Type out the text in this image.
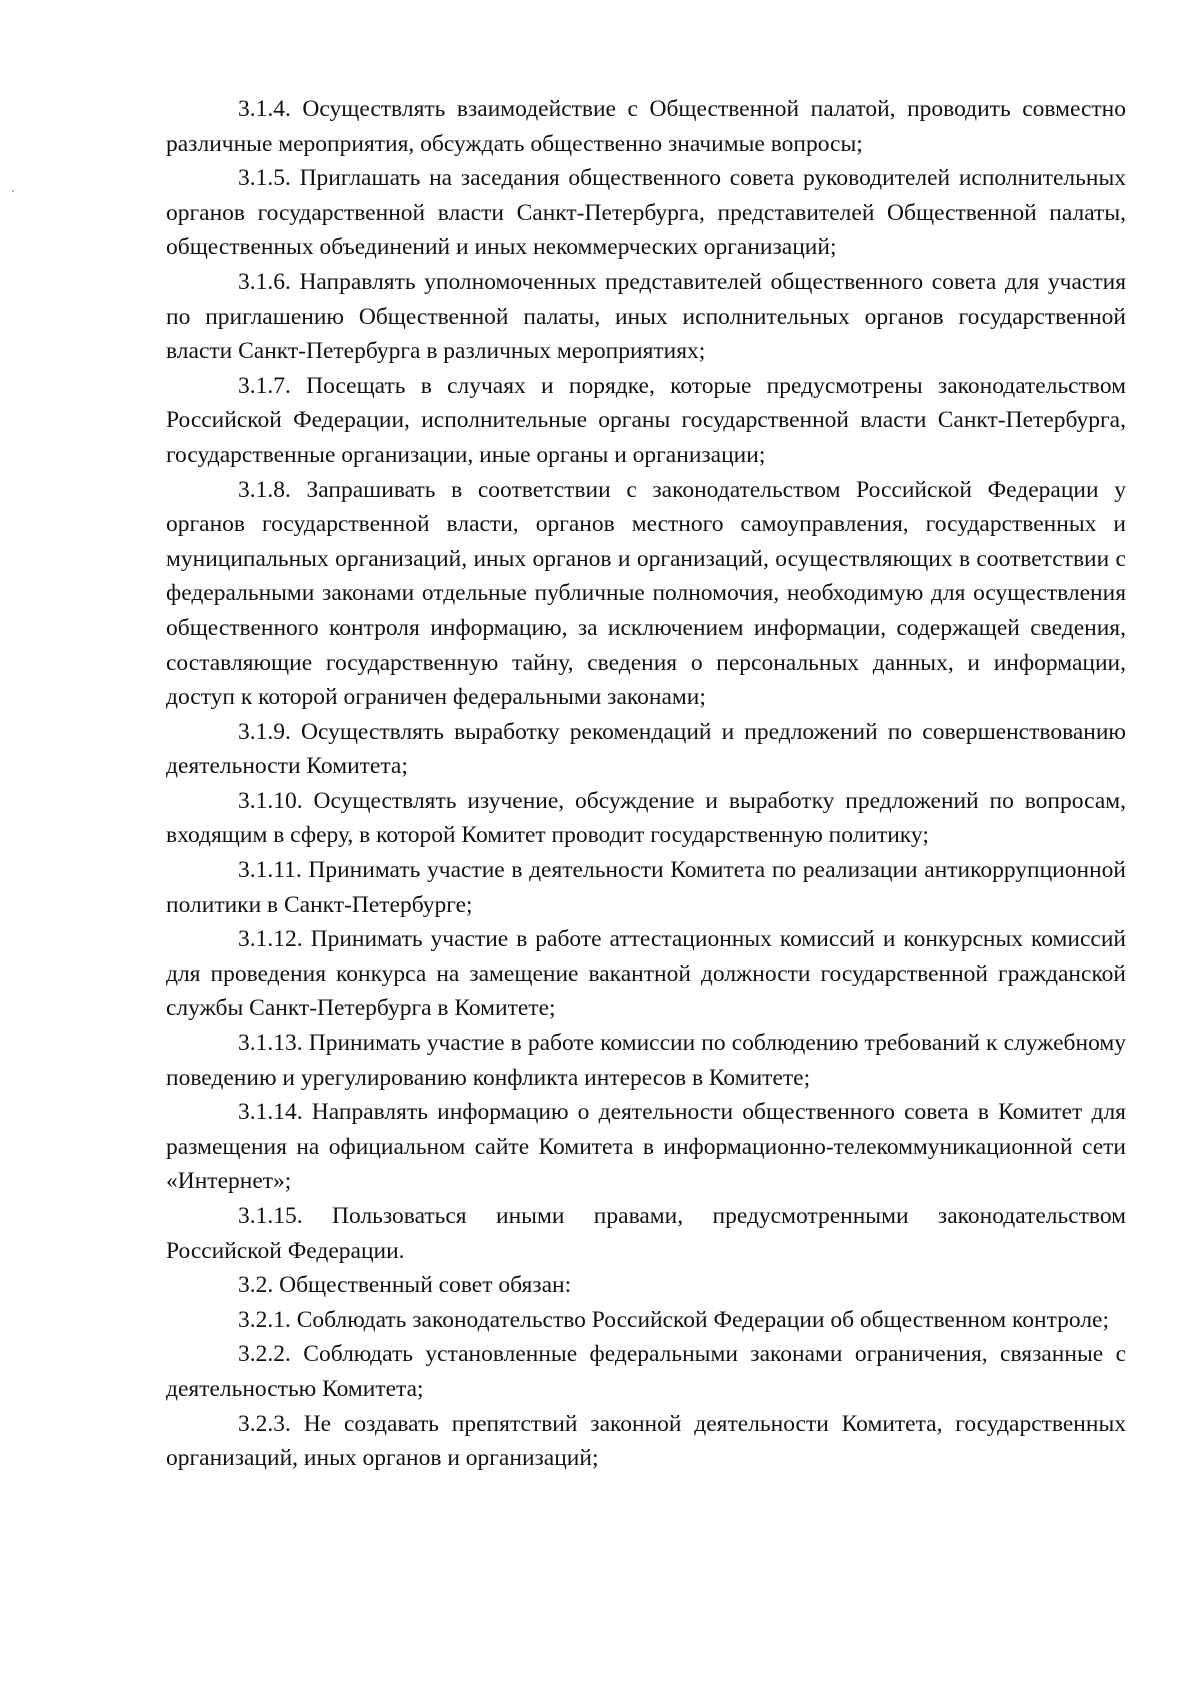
3.1.4. Осуществлять взаимодействие с Общественной палатой, проводить совместно различные мероприятия, обсуждать общественно значимые вопросы;

3.1.5. Приглашать на заседания общественного совета руководителей исполнительных органов государственной власти Санкт-Петербурга, представителей Общественной палаты, общественных объединений и иных некоммерческих организаций;

3.1.6. Направлять уполномоченных представителей общественного совета для участия по приглашению Общественной палаты, иных исполнительных органов государственной власти Санкт-Петербурга в различных мероприятиях;

3.1.7. Посещать в случаях и порядке, которые предусмотрены законодательством Российской Федерации, исполнительные органы государственной власти Санкт-Петербурга, государственные организации, иные органы и организации;

3.1.8. Запрашивать в соответствии с законодательством Российской Федерации у органов государственной власти, органов местного самоуправления, государственных и муниципальных организаций, иных органов и организаций, осуществляющих в соответствии с федеральными законами отдельные публичные полномочия, необходимую для осуществления общественного контроля информацию, за исключением информации, содержащей сведения, составляющие государственную тайну, сведения о персональных данных, и информации, доступ к которой ограничен федеральными законами;

3.1.9. Осуществлять выработку рекомендаций и предложений по совершенствованию деятельности Комитета;

3.1.10. Осуществлять изучение, обсуждение и выработку предложений по вопросам, входящим в сферу, в которой Комитет проводит государственную политику;

3.1.11. Принимать участие в деятельности Комитета по реализации антикоррупционной политики в Санкт-Петербурге;

3.1.12. Принимать участие в работе аттестационных комиссий и конкурсных комиссий для проведения конкурса на замещение вакантной должности государственной гражданской службы Санкт-Петербурга в Комитете;

3.1.13. Принимать участие в работе комиссии по соблюдению требований к служебному поведению и урегулированию конфликта интересов в Комитете;

3.1.14. Направлять информацию о деятельности общественного совета в Комитет для размещения на официальном сайте Комитета в информационно-телекоммуникационной сети «Интернет»;

3.1.15. Пользоваться иными правами, предусмотренными законодательством Российской Федерации.

3.2. Общественный совет обязан:

3.2.1. Соблюдать законодательство Российской Федерации об общественном контроле;

3.2.2. Соблюдать установленные федеральными законами ограничения, связанные с деятельностью Комитета;

3.2.3. Не создавать препятствий законной деятельности Комитета, государственных организаций, иных органов и организаций;
